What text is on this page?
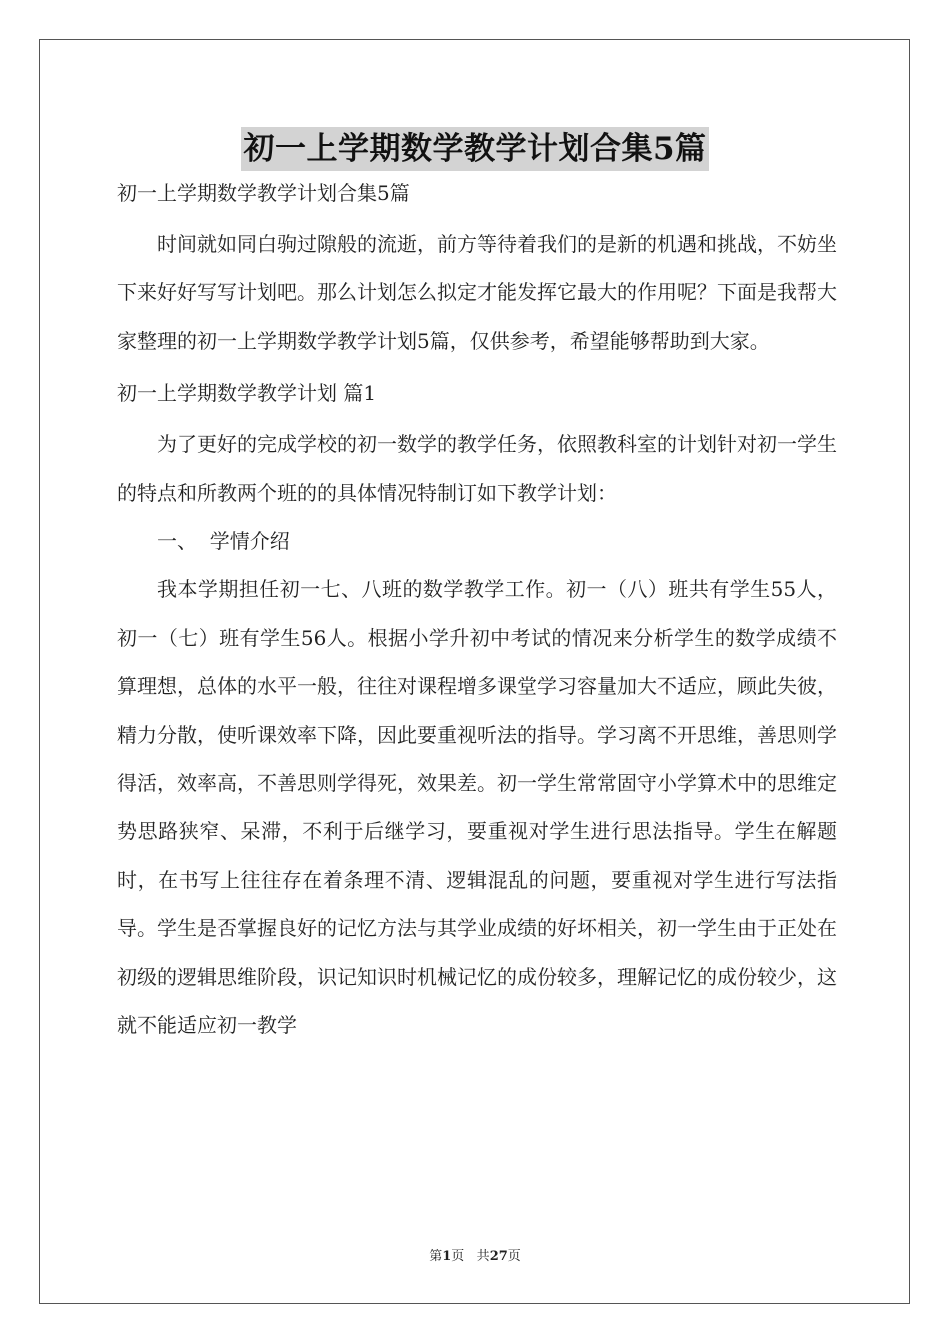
初一上学期数学教学计划合集5篇

初一上学期数学教学计划合集5篇

时间就如同白驹过隙般的流逝，前方等待着我们的是新的机遇和挑战，不妨坐下来好好写写计划吧。那么计划怎么拟定才能发挥它最大的作用呢？下面是我帮大家整理的初一上学期数学教学计划5篇，仅供参考，希望能够帮助到大家。

初一上学期数学教学计划 篇1

为了更好的完成学校的初一数学的教学任务，依照教科室的计划针对初一学生的特点和所教两个班的的具体情况特制订如下教学计划：

一、  学情介绍

我本学期担任初一七、八班的数学教学工作。初一（八）班共有学生55人，初一（七）班有学生56人。根据小学升初中考试的情况来分析学生的数学成绩不算理想，总体的水平一般，往往对课程增多课堂学习容量加大不适应，顾此失彼，精力分散，使听课效率下降，因此要重视听法的指导。学习离不开思维，善思则学得活，效率高，不善思则学得死，效果差。初一学生常常固守小学算术中的思维定势思路狭窄、呆滞，不利于后继学习，要重视对学生进行思法指导。学生在解题时，在书写上往往存在着条理不清、逻辑混乱的问题，要重视对学生进行写法指导。学生是否掌握良好的记忆方法与其学业成绩的好坏相关，初一学生由于正处在初级的逻辑思维阶段，识记知识时机械记忆的成份较多，理解记忆的成份较少，这就不能适应初一教学

第1页 共27页
